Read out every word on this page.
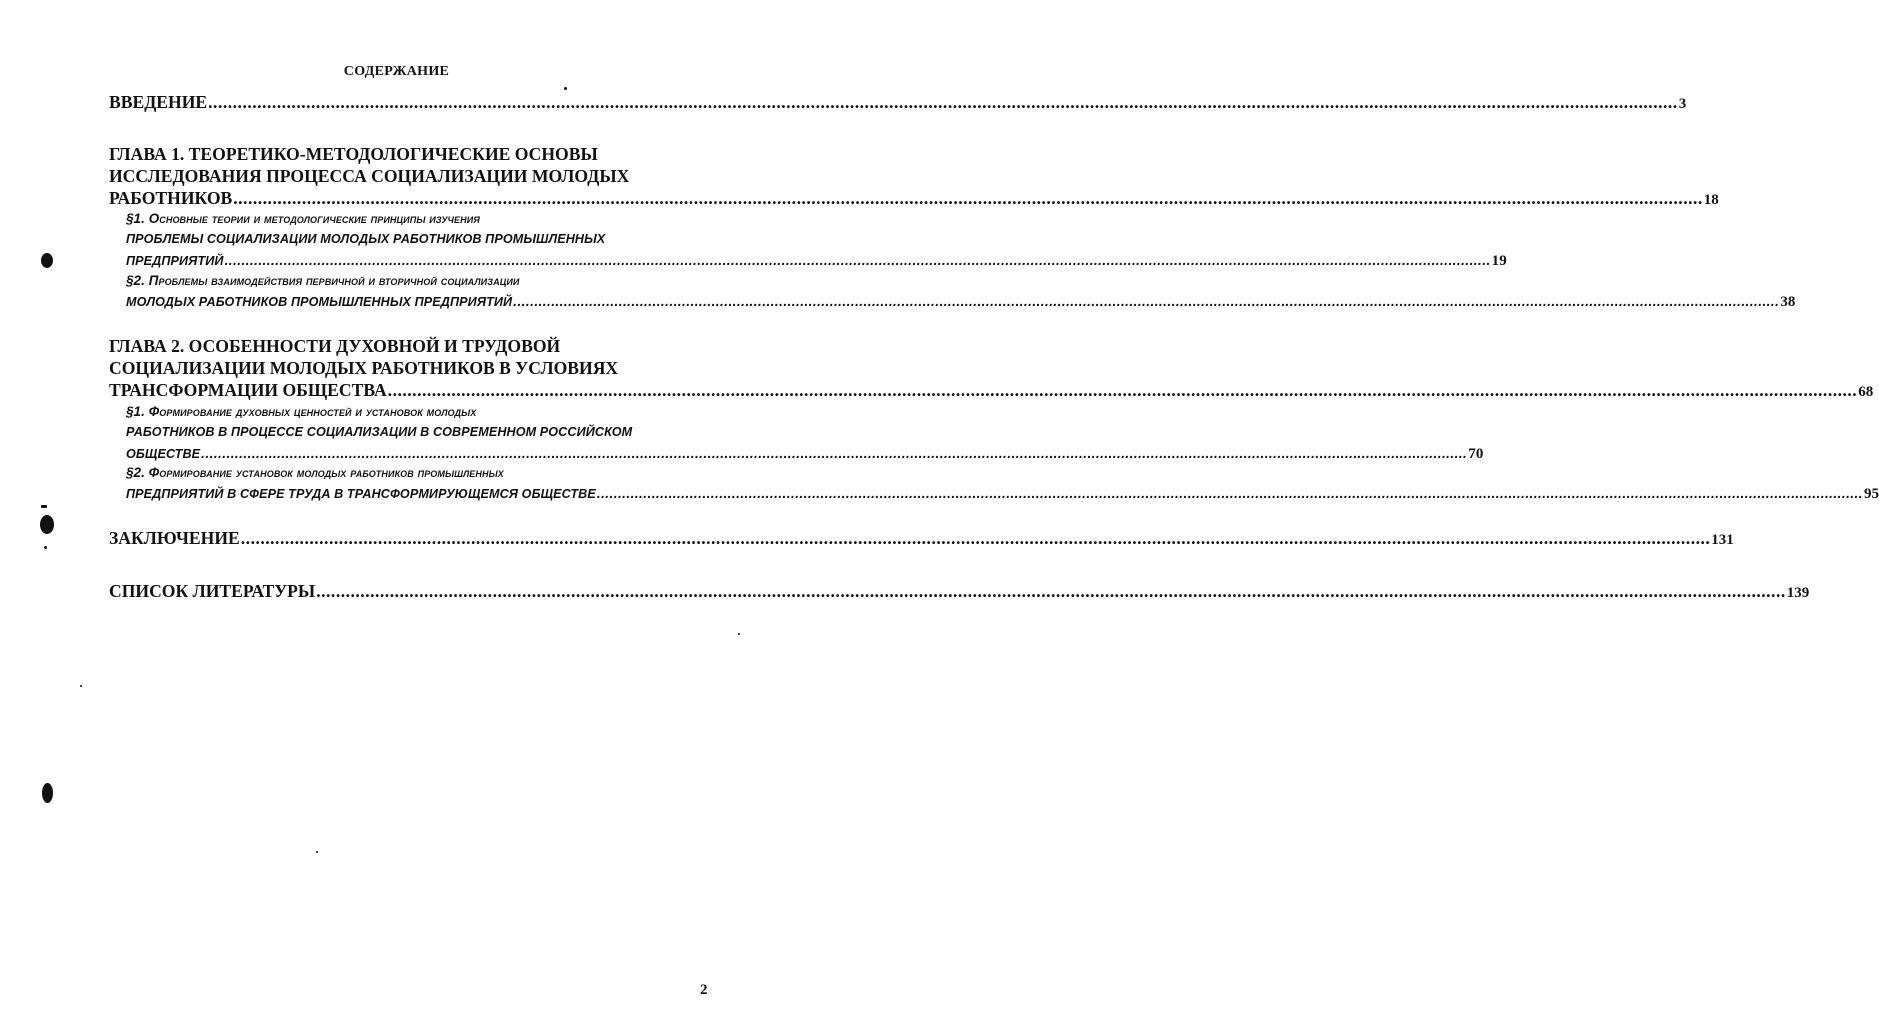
СОДЕРЖАНИЕ
ВВЕДЕНИЕ ............................................................................................................................................................................................................................................................................................................ 3
ГЛАВА 1. ТЕОРЕТИКО-МЕТОДОЛОГИЧЕСКИЕ ОСНОВЫ
ИССЛЕДОВАНИЯ ПРОЦЕССА СОЦИАЛИЗАЦИИ МОЛОДЫХ
РАБОТНИКОВ ............................................................................................................................................................................................................................................................................................................ 18
§1. Основные теории и методологические принципы изучения
ПРОБЛЕМЫ СОЦИАЛИЗАЦИИ МОЛОДЫХ РАБОТНИКОВ ПРОМЫШЛЕННЫХ
ПРЕДПРИЯТИЙ ............................................................................................................................................................................................................................................................................................................ 19
§2. Проблемы взаимодействия первичной и вторичной социализации
МОЛОДЫХ РАБОТНИКОВ ПРОМЫШЛЕННЫХ ПРЕДПРИЯТИЙ ............................................................................................................................................................................................................................................................................................................ 38
ГЛАВА 2. ОСОБЕННОСТИ ДУХОВНОЙ И ТРУДОВОЙ
СОЦИАЛИЗАЦИИ МОЛОДЫХ РАБОТНИКОВ В УСЛОВИЯХ
ТРАНСФОРМАЦИИ ОБЩЕСТВА ............................................................................................................................................................................................................................................................................................................ 68
§1. Формирование духовных ценностей и установок молодых
РАБОТНИКОВ В ПРОЦЕССЕ СОЦИАЛИЗАЦИИ В СОВРЕМЕННОМ РОССИЙСКОМ
ОБЩЕСТВЕ ............................................................................................................................................................................................................................................................................................................ 70
§2. Формирование установок молодых работников промышленных
ПРЕДПРИЯТИЙ В СФЕРЕ ТРУДА В ТРАНСФОРМИРУЮЩЕМСЯ ОБЩЕСТВЕ ............................................................................................................................................................................................................................................................................................................ 95
ЗАКЛЮЧЕНИЕ ............................................................................................................................................................................................................................................................................................................ 131
СПИСОК ЛИТЕРАТУРЫ ............................................................................................................................................................................................................................................................................................................ 139
2
